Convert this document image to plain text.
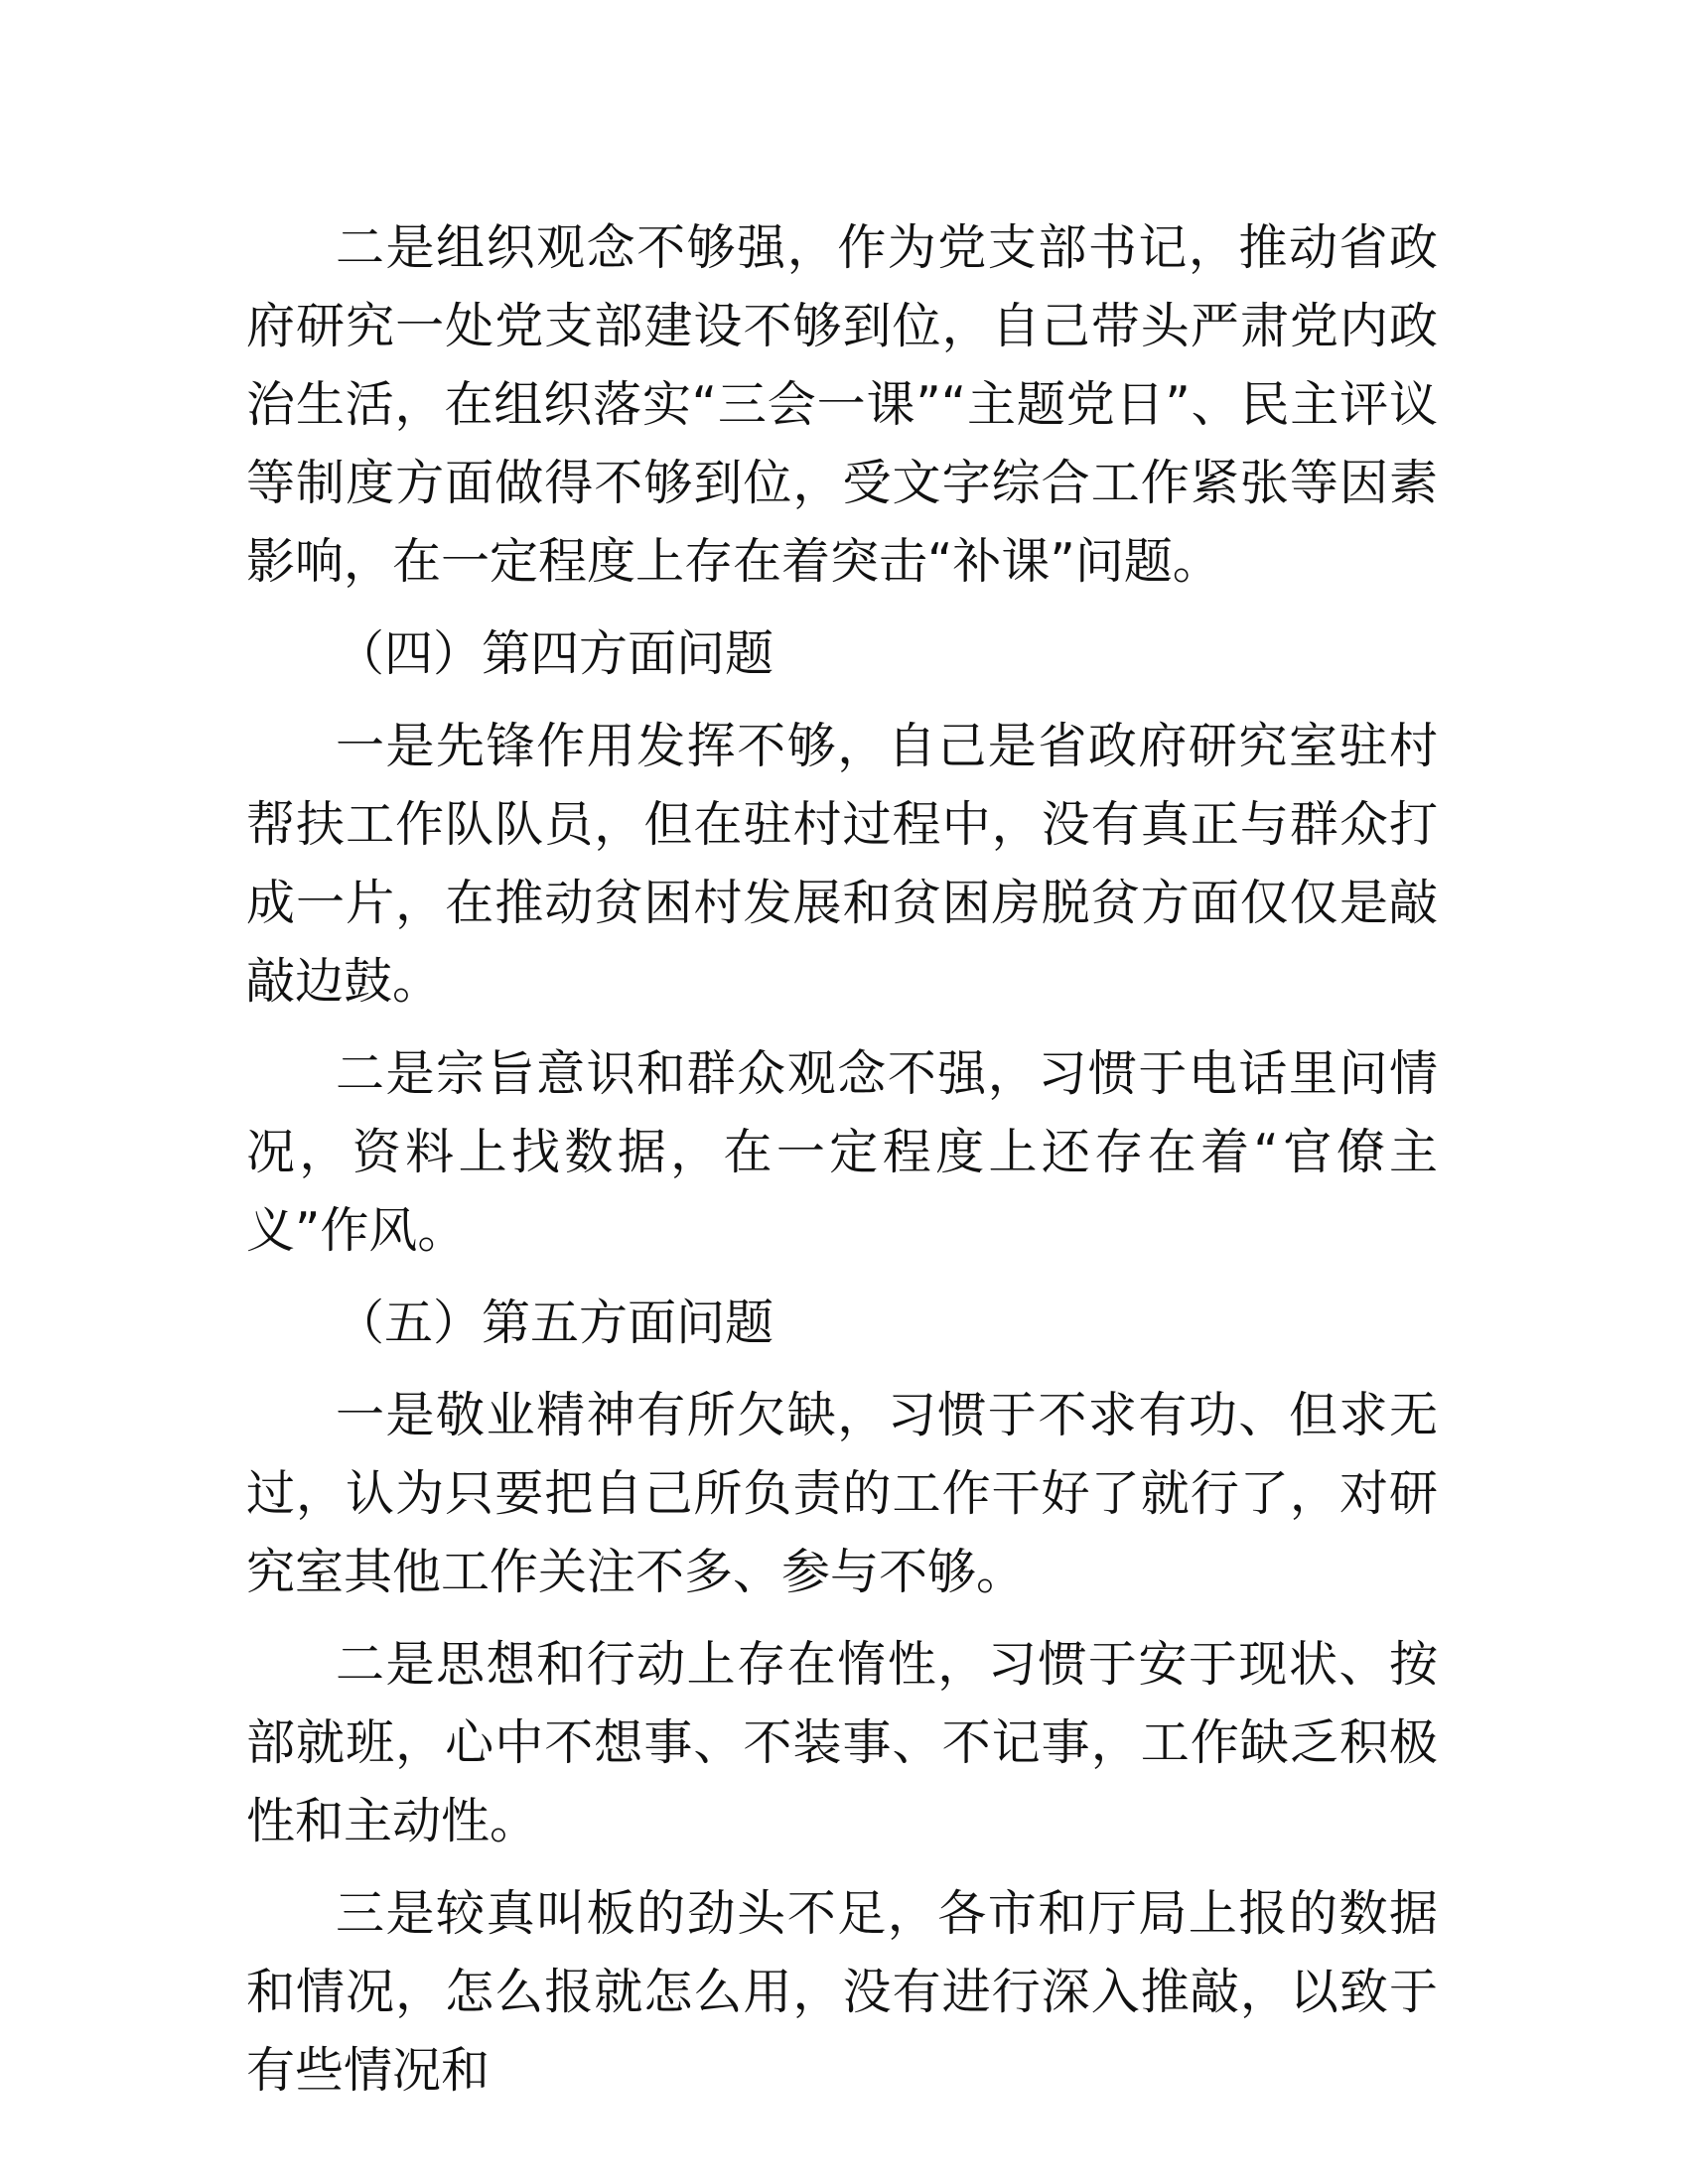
二是组织观念不够强，作为党支部书记，推动省政府研究一处党支部建设不够到位，自己带头严肃党内政治生活，在组织落实“三会一课”“主题党日”、民主评议等制度方面做得不够到位，受文字综合工作紧张等因素影响，在一定程度上存在着突击“补课”问题。

（四）第四方面问题

一是先锋作用发挥不够，自己是省政府研究室驻村帮扶工作队队员，但在驻村过程中，没有真正与群众打成一片，在推动贫困村发展和贫困房脱贫方面仅仅是敲敲边鼓。

二是宗旨意识和群众观念不强，习惯于电话里问情况，资料上找数据，在一定程度上还存在着“官僚主义”作风。

（五）第五方面问题

一是敬业精神有所欠缺，习惯于不求有功、但求无过，认为只要把自己所负责的工作干好了就行了，对研究室其他工作关注不多、参与不够。

二是思想和行动上存在惰性，习惯于安于现状、按部就班，心中不想事、不装事、不记事，工作缺乏积极性和主动性。

三是较真叫板的劲头不足，各市和厅局上报的数据和情况，怎么报就怎么用，没有进行深入推敲，以致于有些情况和
